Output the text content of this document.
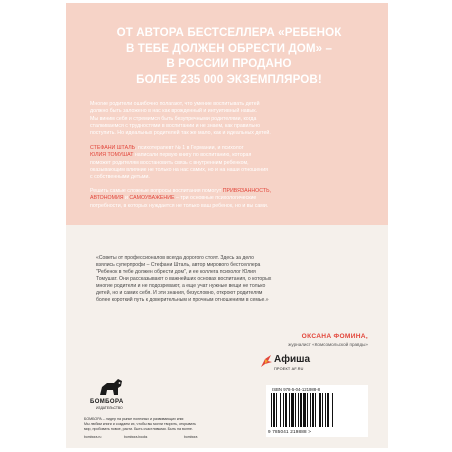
ОТ АВТОРА БЕСТСЕЛЛЕРА «РЕБЕНОК
В ТЕБЕ ДОЛЖЕН ОБРЕСТИ ДОМ» –
В РОССИИ ПРОДАНО
БОЛЕЕ 235 000 ЭКЗЕМПЛЯРОВ!
Многие родители ошибочно полагают, что умение воспитывать детей
должно быть заложено в нас как врожденный и интуитивный навык.
Мы виним себя и стремимся быть безупречными родителями, когда
сталкиваемся с трудностями в воспитании и не знаем, как правильно
поступить. Но идеальных родителей так же мало, как и идеальных детей.
СТЕФАНИ ШТАЛЬ, психотерапевт № 1 в Германии, и психолог
ЮЛИЯ ТОМУШАТ написали первую книгу по воспитанию, которая
поможет родителям восстановить связь с внутренним ребенком,
оказывающим влияние не только на нас самих, но и на наши отношения
с собственными детьми.
Решить самые сложные вопросы воспитания помогут ПРИВЯЗАННОСТЬ,
АВТОНОМИЯ и САМОУВАЖЕНИЕ – три основные психологические
потребности, в которых нуждается не только ваш ребенок, но и вы сами.
«Советы от профессионалов всегда дорогого стоят. Здесь за дело
взялись суперпрофи – Стефани Шталь, автор мирового бестселлера
"Ребенок в тебе должен обрести дом", и ее коллега психолог Юлия
Томушат. Они рассказывают о важнейших основах воспитания, о которых
многие родители и не подозревают, а еще учат нужные вещи не только
детей, но и самих себя. И эти знания, безусловно, откроют родителям
более короткий путь к доверительным и прочным отношениям в семье.»
ОКСАНА ФОМИНА,
журналист «Комсомольской правды»
Афиша
ПРОЕКТ AF.RU
БОМБОРА
ИЗДАТЕЛЬСТВО
БОМБОРА – лидер на рынке полезных и развивающих книг.
Мы любим книги и создаем их, чтобы вы могли творить, открывать
мир, пробовать новое, расти. Быть счастливыми. Быть на волне.
bombora.ru	bombora.books	bombora
ISBN 978-5-04-121988-8
9 785041 219888 >
